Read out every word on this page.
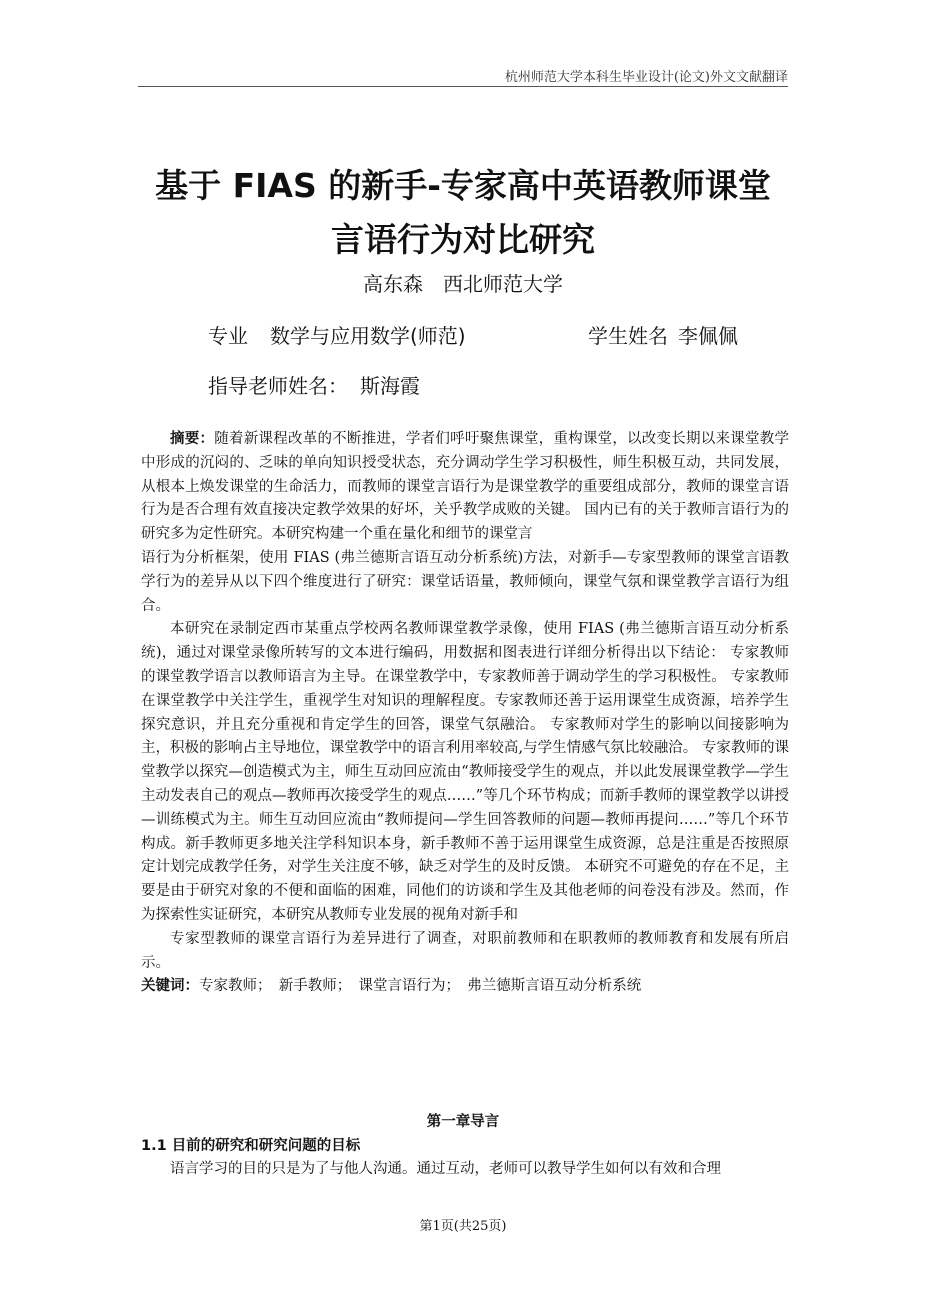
杭州师范大学本科生毕业设计(论文)外文文献翻译
基于 FIAS 的新手-专家高中英语教师课堂
言语行为对比研究
高东森　西北师范大学
专业 数学与应用数学(师范)	学生姓名 李佩佩
指导老师姓名： 斯海霞

摘要：随着新课程改革的不断推进，学者们呼吁聚焦课堂，重构课堂，以改变长期以来课堂教学中形成的沉闷的、乏味的单向知识授受状态，充分调动学生学习积极性，师生积极互动，共同发展，从根本上焕发课堂的生命活力，而教师的课堂言语行为是课堂教学的重要组成部分，教师的课堂言语行为是否合理有效直接决定教学效果的好坏，关乎教学成败的关键。 国内已有的关于教师言语行为的研究多为定性研究。本研究构建一个重在量化和细节的课堂言

语行为分析框架，使用 FIAS (弗兰德斯言语互动分析系统)方法，对新手—专家型教师的课堂言语教学行为的差异从以下四个维度进行了研究：课堂话语量，教师倾向，课堂气氛和课堂教学言语行为组合。

本研究在录制定西市某重点学校两名教师课堂教学录像，使用 FIAS (弗兰德斯言语互动分析系统)，通过对课堂录像所转写的文本进行编码，用数据和图表进行详细分析得出以下结论： 专家教师的课堂教学语言以教师语言为主导。在课堂教学中，专家教师善于调动学生的学习积极性。 专家教师在课堂教学中关注学生，重视学生对知识的理解程度。专家教师还善于运用课堂生成资源，培养学生探究意识，并且充分重视和肯定学生的回答，课堂气氛融洽。 专家教师对学生的影响以间接影响为主，积极的影响占主导地位，课堂教学中的语言利用率较高,与学生情感气氛比较融洽。 专家教师的课堂教学以探究—创造模式为主，师生互动回应流由“教师接受学生的观点，并以此发展课堂教学—学生主动发表自己的观点—教师再次接受学生的观点……”等几个环节构成；而新手教师的课堂教学以讲授—训练模式为主。师生互动回应流由“教师提问—学生回答教师的问题—教师再提问……”等几个环节构成。新手教师更多地关注学科知识本身，新手教师不善于运用课堂生成资源，总是注重是否按照原定计划完成教学任务，对学生关注度不够，缺乏对学生的及时反馈。 本研究不可避免的存在不足，主要是由于研究对象的不便和面临的困难，同他们的访谈和学生及其他老师的问卷没有涉及。然而，作为探索性实证研究，本研究从教师专业发展的视角对新手和

专家型教师的课堂言语行为差异进行了调查，对职前教师和在职教师的教师教育和发展有所启示。

关键词：专家教师；　新手教师；　课堂言语行为；　弗兰德斯言语互动分析系统

第一章导言
1.1 目前的研究和研究问题的目标

语言学习的目的只是为了与他人沟通。通过互动，老师可以教导学生如何以有效和合理

第1页(共25页)
